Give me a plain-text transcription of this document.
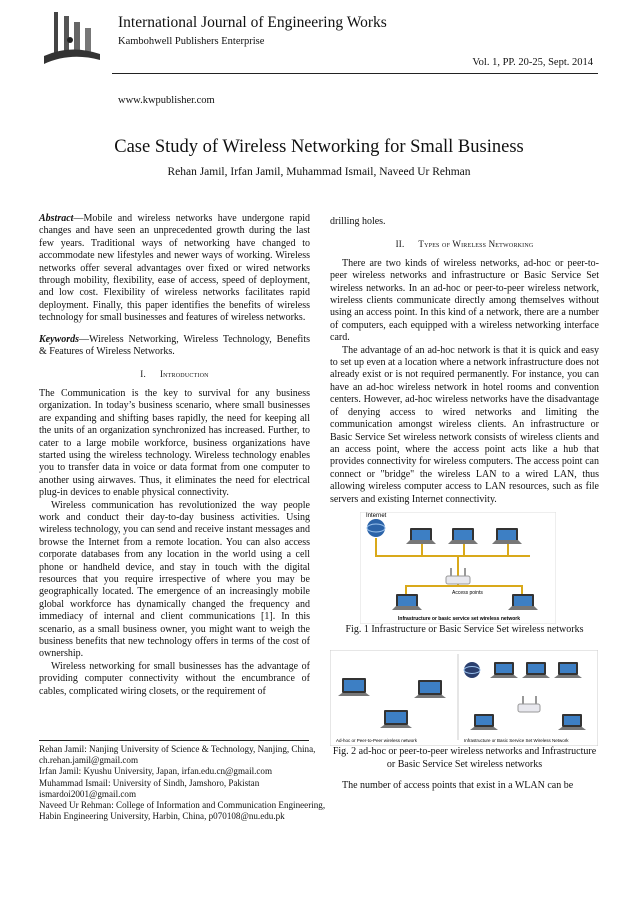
International Journal of Engineering Works
Kambohwell Publishers Enterprise
Vol. 1, PP. 20-25, Sept. 2014
www.kwpublisher.com
Case Study of Wireless Networking for Small Business
Rehan Jamil, Irfan Jamil, Muhammad Ismail, Naveed Ur Rehman

Abstract—Mobile and wireless networks have undergone rapid changes and have seen an unprecedented growth during the last few years. Traditional ways of networking have changed to accommodate new lifestyles and newer ways of working. Wireless networks offer several advantages over fixed or wired networks through mobility, flexibility, ease of access, speed of deployment, and low cost. Flexibility of wireless networks facilitates rapid deployment. Finally, this paper identifies the benefits of wireless technology for small businesses and features of wireless networks.

Keywords—Wireless Networking, Wireless Technology, Benefits & Features of Wireless Networks.

I. Introduction

The Communication is the key to survival for any business organization. In today’s business scenario, where small businesses are expanding and shifting bases rapidly, the need for keeping all the units of an organization synchronized has increased. Further, to cater to a large mobile workforce, business organizations have started using the wireless technology. Wireless technology enables you to transfer data in voice or data format from one computer to another using airwaves. Thus, it eliminates the need for electrical plug-in devices to enable physical connectivity.

Wireless communication has revolutionized the way people work and conduct their day-to-day business activities. Using wireless technology, you can send and receive instant messages and browse the Internet from a remote location. You can also access corporate databases from any location in the world using a cell phone or handheld device, and stay in touch with the digital resources that you require irrespective of where you may be geographically located. The emergence of an increasingly mobile global workforce has dynamically changed the frequency and immediacy of internal and client communications [1]. In this scenario, as a small business owner, you might want to weigh the business benefits that new technology offers in terms of the cost of ownership.

Wireless networking for small businesses has the advantage of providing computer connectivity without the encumbrance of cables, complicated wiring closets, or the requirement of

drilling holes.

II. Types of Wireless Networking

There are two kinds of wireless networks, ad-hoc or peer-to-peer wireless networks and infrastructure or Basic Service Set wireless networks. In an ad-hoc or peer-to-peer wireless network, wireless clients communicate directly among themselves without using an access point. In this kind of a network, there are a number of computers, each equipped with a wireless networking interface card.

The advantage of an ad-hoc network is that it is quick and easy to set up even at a location where a network infrastructure does not already exist or is not required permanently. For instance, you can have an ad-hoc wireless network in hotel rooms and convention centers. However, ad-hoc wireless networks have the disadvantage of denying access to wired networks and limiting the communication amongst wireless clients. An infrastructure or Basic Service Set wireless network consists of wireless clients and an access point, where the access point acts like a hub that provides connectivity for wireless computers. The access point can connect or "bridge" the wireless LAN to a wired LAN, thus allowing wireless computer access to LAN resources, such as file servers and existing Internet connectivity.

Internet
Access points
Infrastructure or basic service set wireless network

Fig. 1 Infrastructure or Basic Service Set wireless networks

Ad-hoc or Peer-to-Peer wireless network	Infrastructure or Basic Service Set Wireless Network

Fig. 2 ad-hoc or peer-to-peer wireless networks and Infrastructure or Basic Service Set wireless networks

The number of access points that exist in a WLAN can be

Rehan Jamil: Nanjing University of Science & Technology, Nanjing, China,
ch.rehan.jamil@gmail.com
Irfan Jamil: Kyushu University, Japan, irfan.edu.cn@gmail.com
Muhammad Ismail: University of Sindh, Jamshoro, Pakistan
ismardoi2001@gmail.com
Naveed Ur Rehman: College of Information and Communication Engineering,
Habin Engineering University, Harbin, China, p070108@nu.edu.pk
